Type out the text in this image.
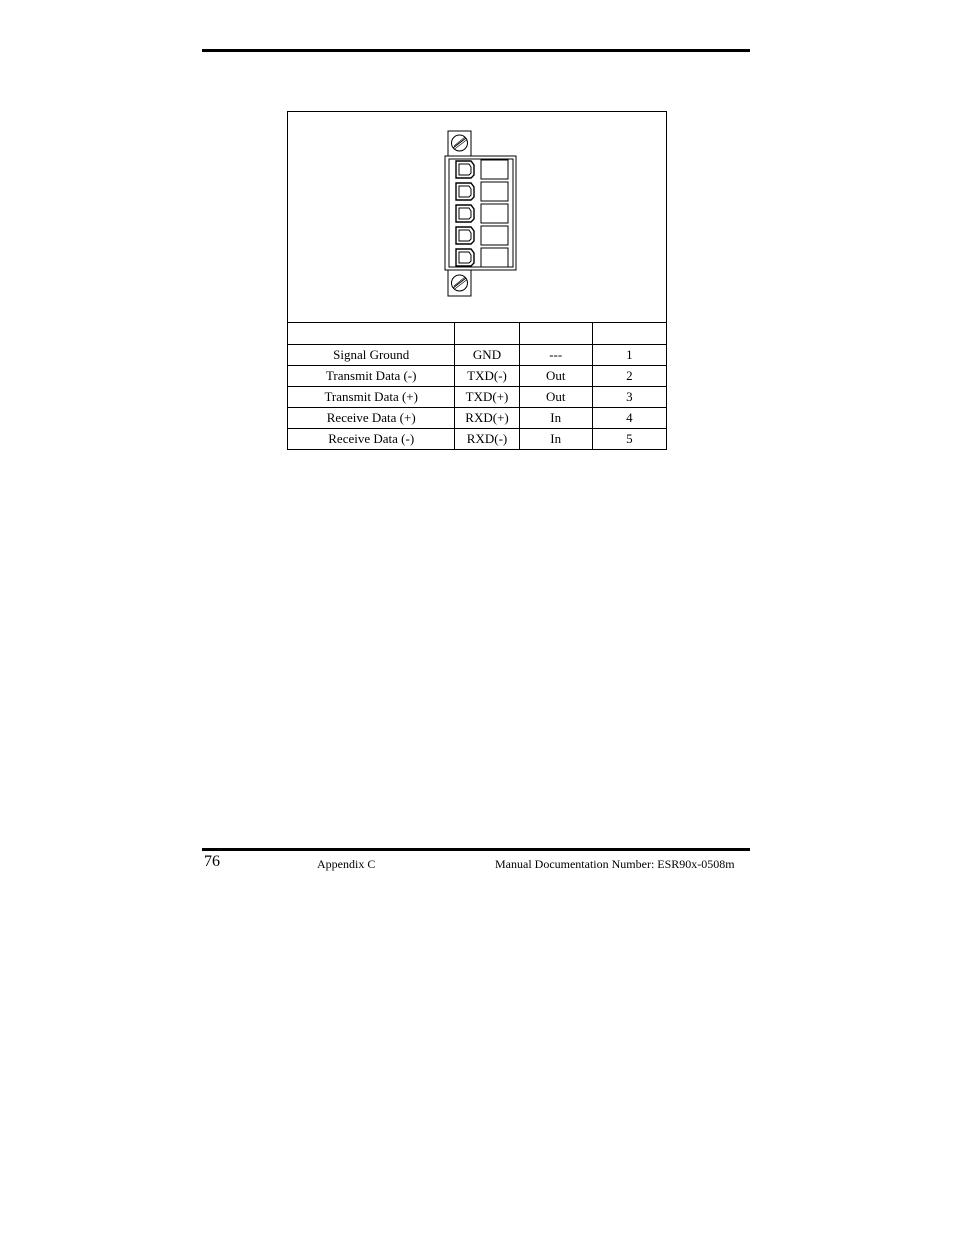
Signal Ground	GND	---	1
Transmit Data (-)	TXD(-)	Out	2
Transmit Data (+)	TXD(+)	Out	3
Receive Data (+)	RXD(+)	In	4
Receive Data (-)	RXD(-)	In	5
76	Appendix C	Manual Documentation Number: ESR90x-0508m
